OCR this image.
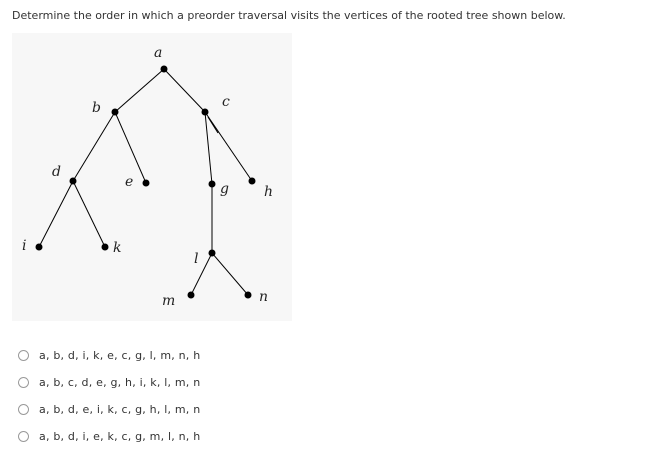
Determine the order in which a preorder traversal visits the vertices of the rooted tree shown below.
a
b	c
d
e	g	h
i	k
l
m	n
a, b, d, i, k, e, c, g, l, m, n, h
a, b, c, d, e, g, h, i, k, l, m, n
a, b, d, e, i, k, c, g, h, l, m, n
a, b, d, i, e, k, c, g, m, l, n, h
